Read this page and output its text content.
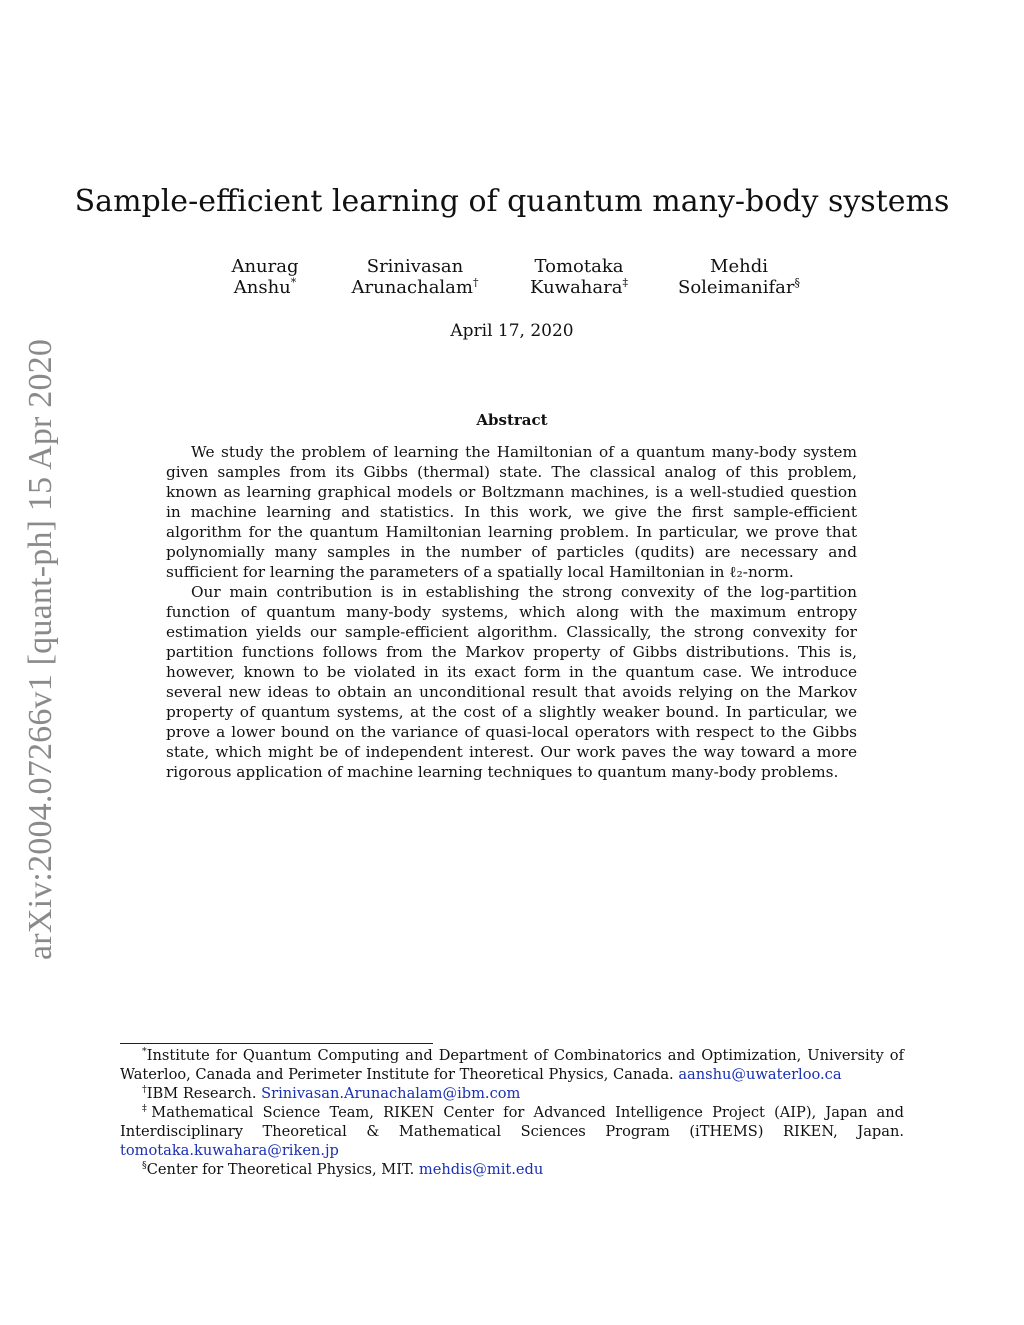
arXiv:2004.07266v1 [quant-ph] 15 Apr 2020
Sample-efficient learning of quantum many-body systems
Anurag
Anshu*
Srinivasan
Arunachalam†
Tomotaka
Kuwahara‡
Mehdi
Soleimanifar§
April 17, 2020
Abstract

We study the problem of learning the Hamiltonian of a quantum many-body system given samples from its Gibbs (thermal) state. The classical analog of this problem, known as learning graphical models or Boltzmann machines, is a well-studied question in machine learning and statistics. In this work, we give the first sample-efficient algorithm for the quantum Hamiltonian learning problem. In particular, we prove that polynomially many samples in the number of particles (qudits) are necessary and sufficient for learning the parameters of a spatially local Hamiltonian in ℓ₂-norm.

Our main contribution is in establishing the strong convexity of the log-partition function of quantum many-body systems, which along with the maximum entropy estimation yields our sample-efficient algorithm. Classically, the strong convexity for partition functions follows from the Markov property of Gibbs distributions. This is, however, known to be violated in its exact form in the quantum case. We introduce several new ideas to obtain an unconditional result that avoids relying on the Markov property of quantum systems, at the cost of a slightly weaker bound. In particular, we prove a lower bound on the variance of quasi-local operators with respect to the Gibbs state, which might be of independent interest. Our work paves the way toward a more rigorous application of machine learning techniques to quantum many-body problems.

*Institute for Quantum Computing and Department of Combinatorics and Optimization, University of Waterloo, Canada and Perimeter Institute for Theoretical Physics, Canada. aanshu@uwaterloo.ca

†IBM Research. Srinivasan.Arunachalam@ibm.com

‡Mathematical Science Team, RIKEN Center for Advanced Intelligence Project (AIP), Japan and Interdisciplinary Theoretical & Mathematical Sciences Program (iTHEMS) RIKEN, Japan. tomotaka.kuwahara@riken.jp

§Center for Theoretical Physics, MIT. mehdis@mit.edu
